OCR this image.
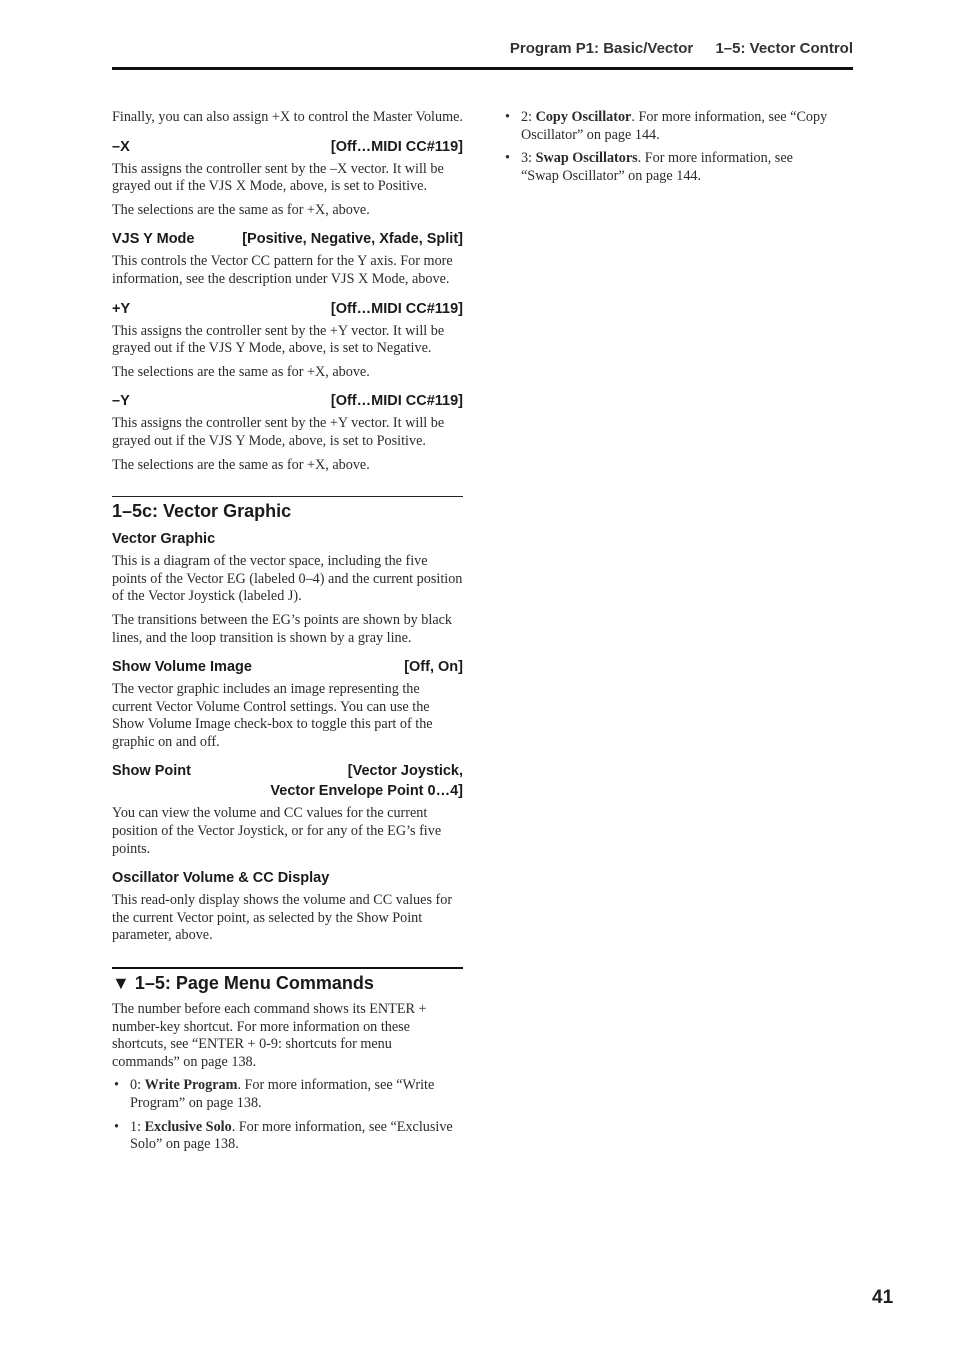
Program P1: Basic/Vector 1–5: Vector Control

Finally, you can also assign +X to control the Master Volume.

–X	[Off…MIDI CC#119]

This assigns the controller sent by the –X vector. It will be grayed out if the VJS X Mode, above, is set to Positive.

The selections are the same as for +X, above.

VJS Y Mode	[Positive, Negative, Xfade, Split]

This controls the Vector CC pattern for the Y axis. For more information, see the description under VJS X Mode, above.

+Y	[Off…MIDI CC#119]

This assigns the controller sent by the +Y vector. It will be grayed out if the VJS Y Mode, above, is set to Negative.

The selections are the same as for +X, above.

–Y	[Off…MIDI CC#119]

This assigns the controller sent by the +Y vector. It will be grayed out if the VJS Y Mode, above, is set to Positive.

The selections are the same as for +X, above.

1–5c: Vector Graphic
Vector Graphic

This is a diagram of the vector space, including the five points of the Vector EG (labeled 0–4) and the current position of the Vector Joystick (labeled J).

The transitions between the EG’s points are shown by black lines, and the loop transition is shown by a gray line.

Show Volume Image	[Off, On]

The vector graphic includes an image representing the current Vector Volume Control settings. You can use the Show Volume Image check-box to toggle this part of the graphic on and off.

Show Point	[Vector Joystick,
Vector Envelope Point 0…4]

You can view the volume and CC values for the current position of the Vector Joystick, or for any of the EG’s five points.

Oscillator Volume & CC Display

This read-only display shows the volume and CC values for the current Vector point, as selected by the Show Point parameter, above.

▼ 1–5: Page Menu Commands

The number before each command shows its ENTER + number-key shortcut. For more information on these shortcuts, see “ENTER + 0-9: shortcuts for menu commands” on page 138.

• 0: Write Program. For more information, see “Write Program” on page 138.
• 1: Exclusive Solo. For more information, see “Exclusive Solo” on page 138.
• 2: Copy Oscillator. For more information, see “Copy Oscillator” on page 144.
• 3: Swap Oscillators. For more information, see “Swap Oscillator” on page 144.
41
